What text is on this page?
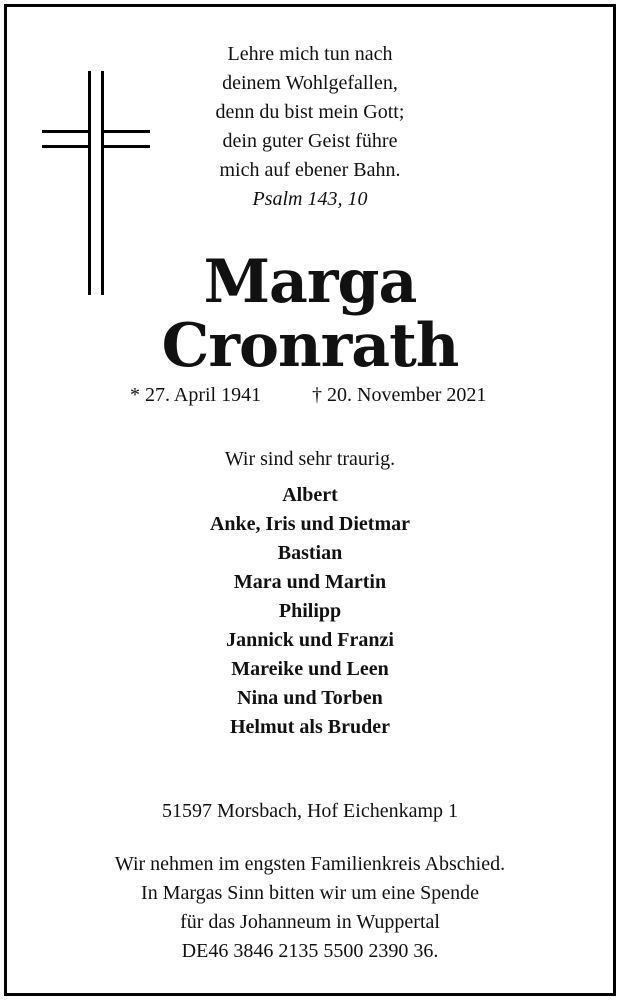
Lehre mich tun nach
deinem Wohlgefallen,
denn du bist mein Gott;
dein guter Geist führe
mich auf ebener Bahn.
Psalm 143, 10
Marga
Cronrath
* 27. April 1941	† 20. November 2021
Wir sind sehr traurig.
Albert
Anke, Iris und Dietmar
Bastian
Mara und Martin
Philipp
Jannick und Franzi
Mareike und Leen
Nina und Torben
Helmut als Bruder
51597 Morsbach, Hof Eichenkamp 1
Wir nehmen im engsten Familienkreis Abschied.
In Margas Sinn bitten wir um eine Spende
für das Johanneum in Wuppertal
DE46 3846 2135 5500 2390 36.
